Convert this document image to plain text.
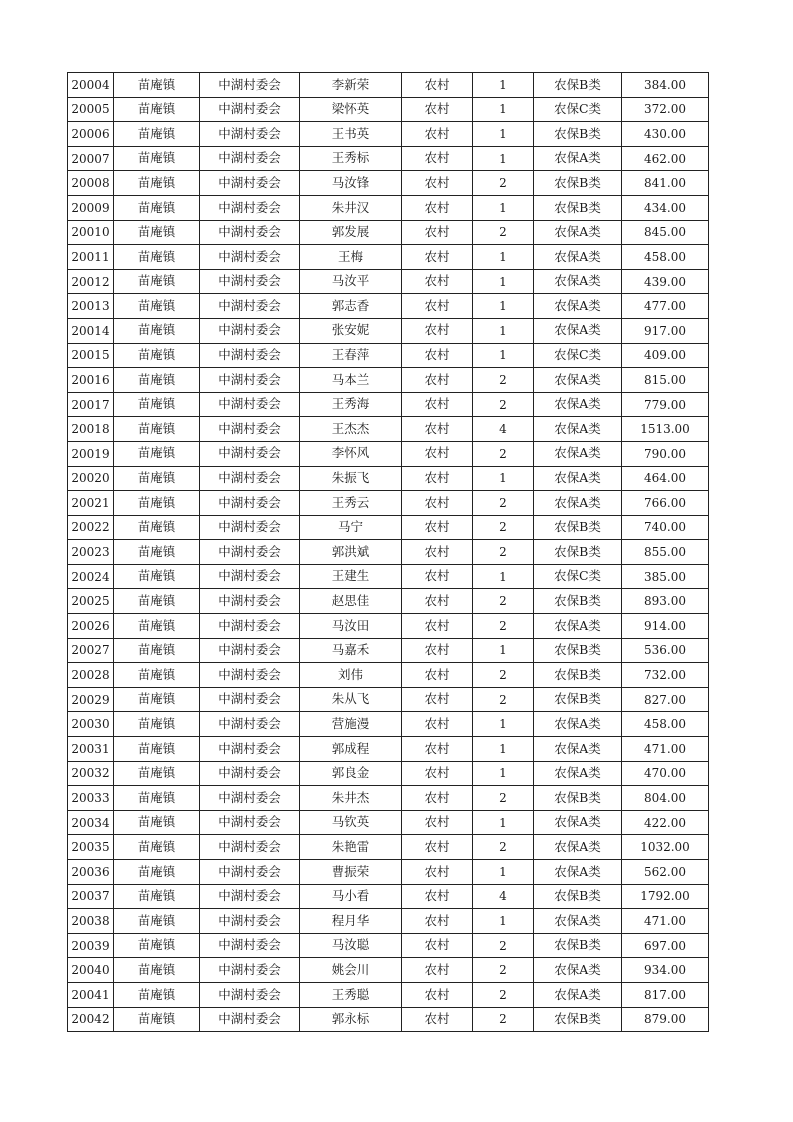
20004	苗庵镇	中湖村委会	李新荣	农村	1	农保B类	384.00
20005	苗庵镇	中湖村委会	梁怀英	农村	1	农保C类	372.00
20006	苗庵镇	中湖村委会	王书英	农村	1	农保B类	430.00
20007	苗庵镇	中湖村委会	王秀标	农村	1	农保A类	462.00
20008	苗庵镇	中湖村委会	马汝锋	农村	2	农保B类	841.00
20009	苗庵镇	中湖村委会	朱井汉	农村	1	农保B类	434.00
20010	苗庵镇	中湖村委会	郭发展	农村	2	农保A类	845.00
20011	苗庵镇	中湖村委会	王梅	农村	1	农保A类	458.00
20012	苗庵镇	中湖村委会	马汝平	农村	1	农保A类	439.00
20013	苗庵镇	中湖村委会	郭志香	农村	1	农保A类	477.00
20014	苗庵镇	中湖村委会	张安妮	农村	1	农保A类	917.00
20015	苗庵镇	中湖村委会	王春萍	农村	1	农保C类	409.00
20016	苗庵镇	中湖村委会	马本兰	农村	2	农保A类	815.00
20017	苗庵镇	中湖村委会	王秀海	农村	2	农保A类	779.00
20018	苗庵镇	中湖村委会	王杰杰	农村	4	农保A类	1513.00
20019	苗庵镇	中湖村委会	李怀风	农村	2	农保A类	790.00
20020	苗庵镇	中湖村委会	朱振飞	农村	1	农保A类	464.00
20021	苗庵镇	中湖村委会	王秀云	农村	2	农保A类	766.00
20022	苗庵镇	中湖村委会	马宁	农村	2	农保B类	740.00
20023	苗庵镇	中湖村委会	郭洪斌	农村	2	农保B类	855.00
20024	苗庵镇	中湖村委会	王建生	农村	1	农保C类	385.00
20025	苗庵镇	中湖村委会	赵思佳	农村	2	农保B类	893.00
20026	苗庵镇	中湖村委会	马汝田	农村	2	农保A类	914.00
20027	苗庵镇	中湖村委会	马嘉禾	农村	1	农保B类	536.00
20028	苗庵镇	中湖村委会	刘伟	农村	2	农保B类	732.00
20029	苗庵镇	中湖村委会	朱从飞	农村	2	农保B类	827.00
20030	苗庵镇	中湖村委会	营施漫	农村	1	农保A类	458.00
20031	苗庵镇	中湖村委会	郭成程	农村	1	农保A类	471.00
20032	苗庵镇	中湖村委会	郭良金	农村	1	农保A类	470.00
20033	苗庵镇	中湖村委会	朱井杰	农村	2	农保B类	804.00
20034	苗庵镇	中湖村委会	马钦英	农村	1	农保A类	422.00
20035	苗庵镇	中湖村委会	朱艳雷	农村	2	农保A类	1032.00
20036	苗庵镇	中湖村委会	曹振荣	农村	1	农保A类	562.00
20037	苗庵镇	中湖村委会	马小看	农村	4	农保B类	1792.00
20038	苗庵镇	中湖村委会	程月华	农村	1	农保A类	471.00
20039	苗庵镇	中湖村委会	马汝聪	农村	2	农保B类	697.00
20040	苗庵镇	中湖村委会	姚会川	农村	2	农保A类	934.00
20041	苗庵镇	中湖村委会	王秀聪	农村	2	农保A类	817.00
20042	苗庵镇	中湖村委会	郭永标	农村	2	农保B类	879.00
